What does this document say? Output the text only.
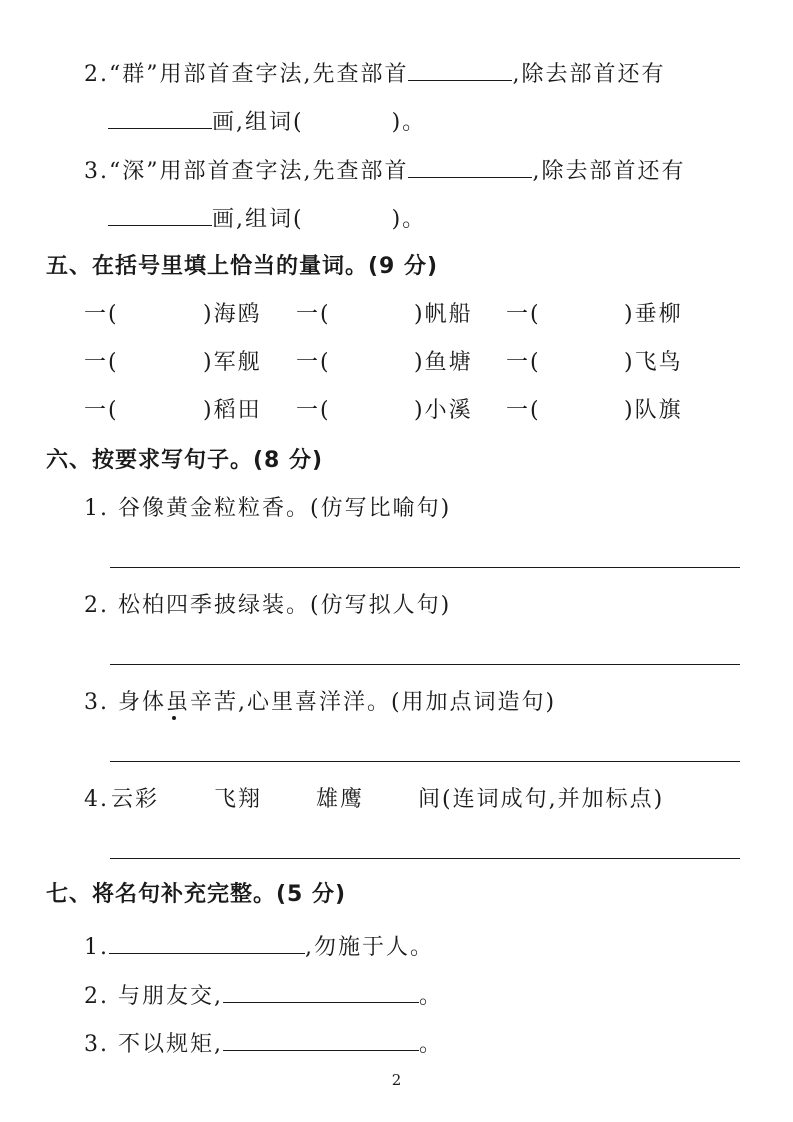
2.“群”用部首查字法,先查部首	,除去部首还有
画,组词(	)。
3.“深”用部首查字法,先查部首	,除去部首还有
画,组词(	)。
五、在括号里填上恰当的量词。(9 分)
一(	)海鸥 一(	)帆船 一(	)垂柳
一(	)军舰 一(	)鱼塘 一(	)飞鸟
一(	)稻田 一(	)小溪 一(	)队旗
六、按要求写句子。(8 分)
1. 谷像黄金粒粒香。(仿写比喻句)
2. 松柏四季披绿装。(仿写拟人句)
3. 身体虽辛苦,心里喜洋洋。(用加点词造句)
4. 云彩 飞翔 雄鹰 间(连词成句,并加标点)
七、将名句补充完整。(5 分)
1.	,勿施于人。
2. 与朋友交,	。
3. 不以规矩,	。
2
